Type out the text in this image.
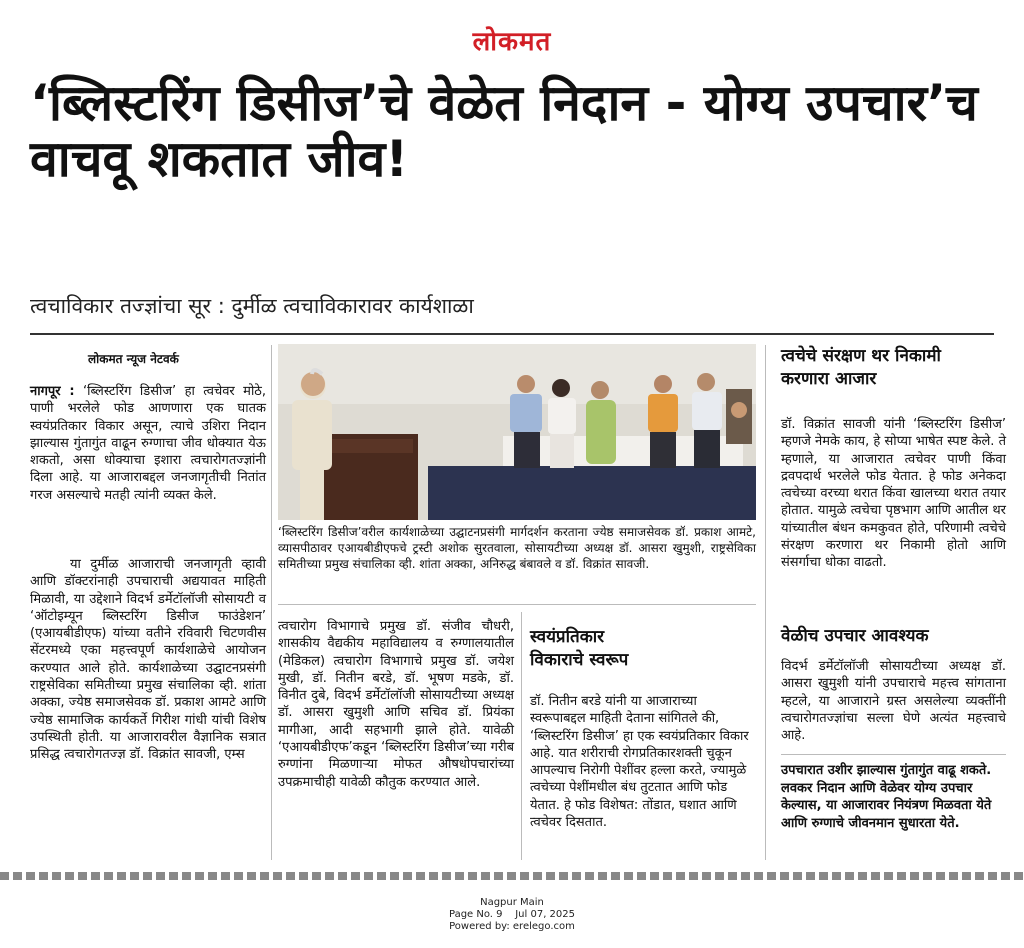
लोकमत
‘ब्लिस्टरिंग डिसीज’चे वेळेत निदान - योग्य उपचार’च वाचवू शकतात जीव!
त्वचाविकार तज्ज्ञांचा सूर : दुर्मीळ त्वचाविकारावर कार्यशाळा
लोकमत न्यूज नेटवर्क

नागपूर : ‘ब्लिस्टरिंग डिसीज’ हा त्वचेवर मोठे, पाणी भरलेले फोड आणणारा एक घातक स्वयंप्रतिकार विकार असून, त्याचे उशिरा निदान झाल्यास गुंतागुंत वाढून रुग्णाचा जीव धोक्यात येऊ शकतो, असा धोक्याचा इशारा त्वचारोगतज्ज्ञांनी दिला आहे. या आजाराबद्दल जनजागृतीची नितांत गरज असल्याचे मतही त्यांनी व्यक्त केले.

या दुर्मीळ आजाराची जनजागृती व्हावी आणि डॉक्टरांनाही उपचाराची अद्ययावत माहिती मिळावी, या उद्देशाने विदर्भ डर्मेटॉलॉजी सोसायटी व ‘ऑटोइम्यून ब्लिस्टरिंग डिसीज फाउंडेशन’ (एआयबीडीएफ) यांच्या वतीने रविवारी चिटणवीस सेंटरमध्ये एका महत्त्वपूर्ण कार्यशाळेचे आयोजन करण्यात आले होते. कार्यशाळेच्या उद्घाटनप्रसंगी राष्ट्रसेविका समितीच्या प्रमुख संचालिका व्ही. शांता अक्का, ज्येष्ठ समाजसेवक डॉ. प्रकाश आमटे आणि ज्येष्ठ सामाजिक कार्यकर्ते गिरीश गांधी यांची विशेष उपस्थिती होती. या आजारावरील वैज्ञानिक सत्रात प्रसिद्ध त्वचारोगतज्ज्ञ डॉ. विक्रांत सावजी, एम्स

‘ब्लिस्टरिंग डिसीज’वरील कार्यशाळेच्या उद्घाटनप्रसंगी मार्गदर्शन करताना ज्येष्ठ समाजसेवक डॉ. प्रकाश आमटे, व्यासपीठावर एआयबीडीएफचे ट्रस्टी अशोक सुरतवाला, सोसायटीच्या अध्यक्ष डॉ. आसरा खुमुशी, राष्ट्रसेविका समितीच्या प्रमुख संचालिका व्ही. शांता अक्का, अनिरुद्ध बंबावले व डॉ. विक्रांत सावजी.

त्वचारोग विभागाचे प्रमुख डॉ. संजीव चौधरी, शासकीय वैद्यकीय महाविद्यालय व रुग्णालयातील (मेडिकल) त्वचारोग विभागाचे प्रमुख डॉ. जयेश मुखी, डॉ. नितीन बरडे, डॉ. भूषण मडके, डॉ. विनीत दुबे, विदर्भ डर्मेटॉलॉजी सोसायटीच्या अध्यक्ष डॉ. आसरा खुमुशी आणि सचिव डॉ. प्रियंका मागीआ, आदी सहभागी झाले होते. यावेळी ‘एआयबीडीएफ’कडून ‘ब्लिस्टरिंग डिसीज’च्या गरीब रुग्णांना मिळणाऱ्या मोफत औषधोपचारांच्या उपक्रमाचीही यावेळी कौतुक करण्यात आले.

स्वयंप्रतिकार विकाराचे स्वरूप

डॉ. नितीन बरडे यांनी या आजाराच्या स्वरूपाबद्दल माहिती देताना सांगितले की, ‘ब्लिस्टरिंग डिसीज’ हा एक स्वयंप्रतिकार विकार आहे. यात शरीराची रोगप्रतिकारशक्ती चुकून आपल्याच निरोगी पेशींवर हल्ला करते, ज्यामुळे त्वचेच्या पेशींमधील बंध तुटतात आणि फोड येतात. हे फोड विशेषत: तोंडात, घशात आणि त्वचेवर दिसतात.

त्वचेचे संरक्षण थर निकामी करणारा आजार

डॉ. विक्रांत सावजी यांनी ‘ब्लिस्टरिंग डिसीज’ म्हणजे नेमके काय, हे सोप्या भाषेत स्पष्ट केले. ते म्हणाले, या आजारात त्वचेवर पाणी किंवा द्रवपदार्थ भरलेले फोड येतात. हे फोड अनेकदा त्वचेच्या वरच्या थरात किंवा खालच्या थरात तयार होतात. यामुळे त्वचेचा पृष्ठभाग आणि आतील थर यांच्यातील बंधन कमकुवत होते, परिणामी त्वचेचे संरक्षण करणारा थर निकामी होतो आणि संसर्गाचा धोका वाढतो.

वेळीच उपचार आवश्यक

विदर्भ डर्मेटॉलॉजी सोसायटीच्या अध्यक्ष डॉ. आसरा खुमुशी यांनी उपचाराचे महत्त्व सांगताना म्हटले, या आजाराने ग्रस्त असलेल्या व्यक्तींनी त्वचारोगतज्ज्ञांचा सल्ला घेणे अत्यंत महत्त्वाचे आहे.

उपचारात उशीर झाल्यास गुंतागुंत वाढू शकते. लवकर निदान आणि वेळेवर योग्य उपचार केल्यास, या आजारावर नियंत्रण मिळवता येते आणि रुग्णाचे जीवनमान सुधारता येते.
Nagpur Main
Page No. 9 Jul 07, 2025
Powered by: erelego.com
